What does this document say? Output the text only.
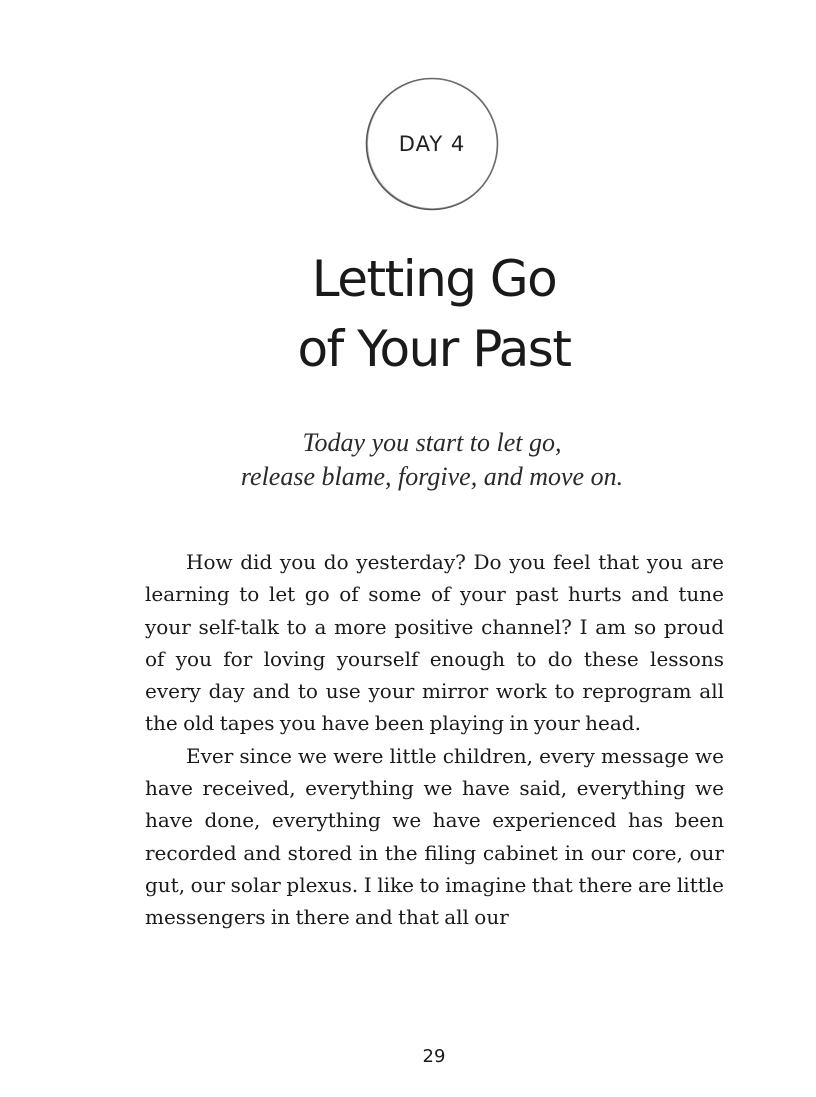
DAY 4
Letting Go
of Your Past

Today you start to let go,

release blame, forgive, and move on.

How did you do yesterday? Do you feel that you are learning to let go of some of your past hurts and tune your self-talk to a more positive channel? I am so proud of you for loving yourself enough to do these lessons every day and to use your mirror work to reprogram all the old tapes you have been playing in your head.

Ever since we were little children, every message we have received, everything we have said, everything we have done, everything we have experienced has been recorded and stored in the filing cabinet in our core, our gut, our solar plexus. I like to imagine that there are little messengers in there and that all our

29
